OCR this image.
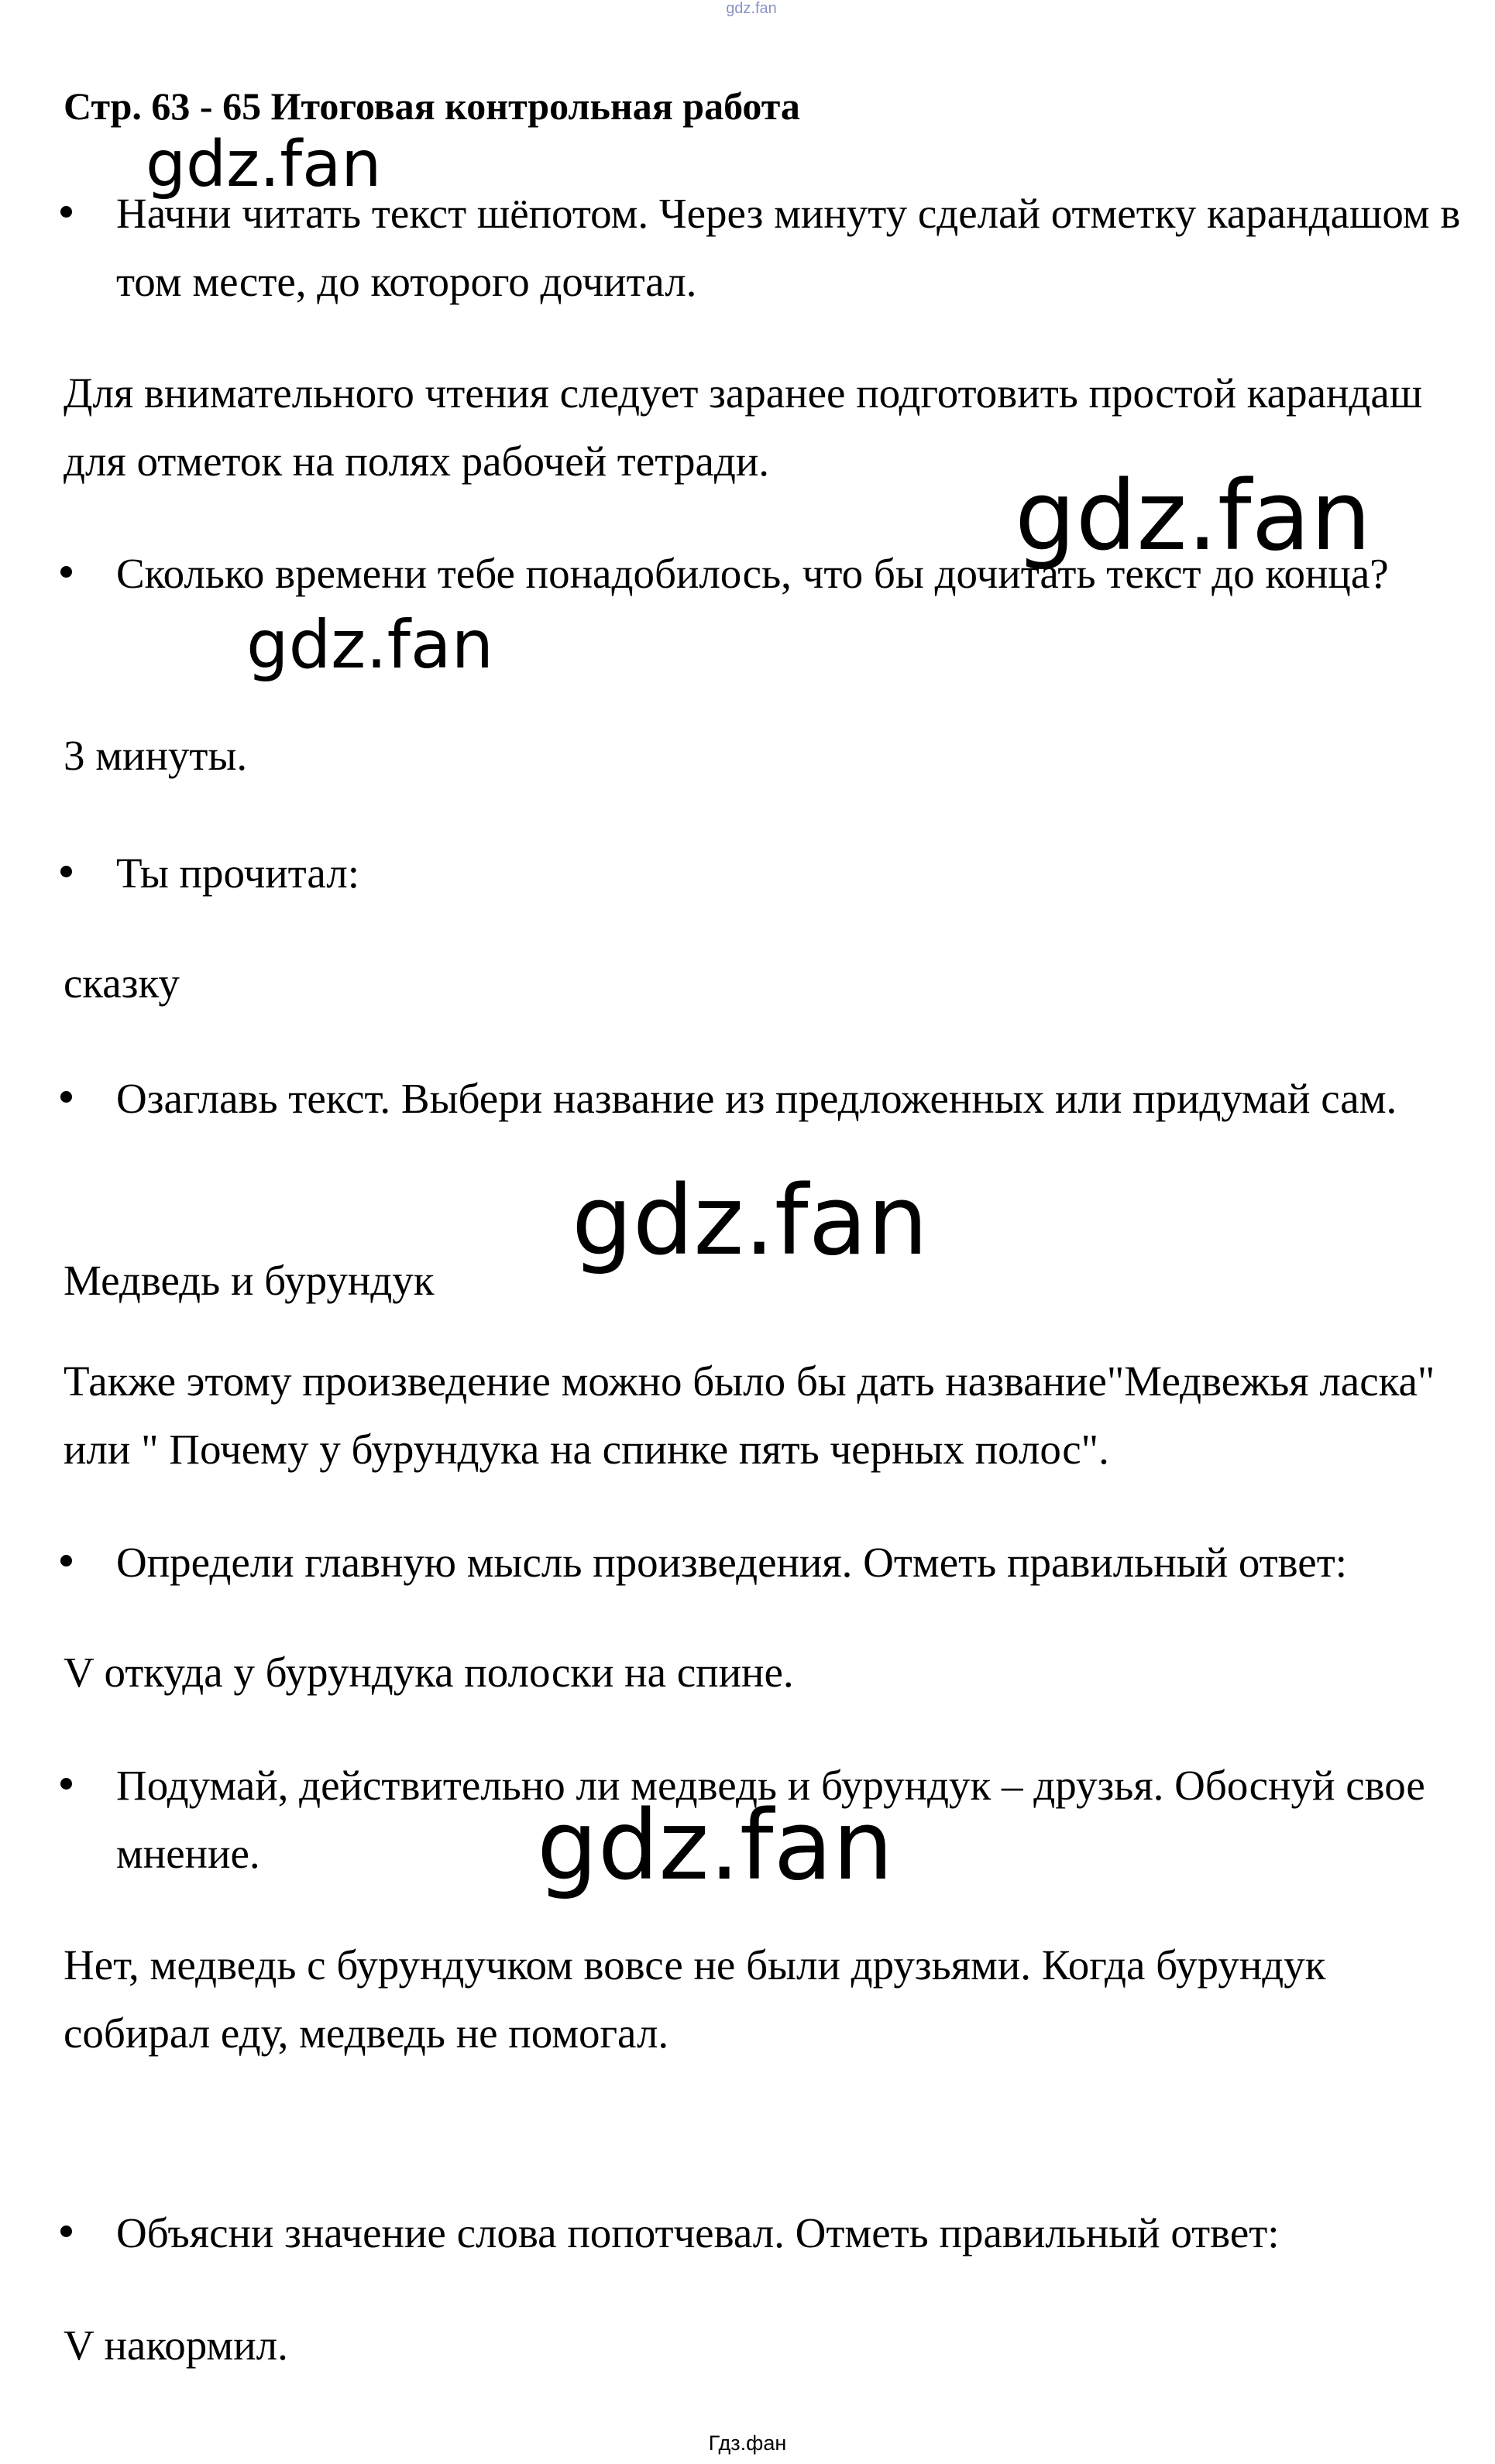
gdz.fan
Стр. 63 - 65 Итоговая контрольная работа

Начни читать текст шёпотом. Через минуту сделай отметку карандашом в том месте, до которого дочитал.

Для внимательного чтения следует заранее подготовить простой карандаш для отметок на полях рабочей тетради.

Сколько времени тебе понадобилось, что бы дочитать текст до конца?

3 минуты.

Ты прочитал:

сказку

Озаглавь текст. Выбери название из предложенных или придумай сам.

Медведь и бурундук

Также этому произведение можно было бы дать название"Медвежья ласка" или " Почему у бурундука на спинке пять черных полос".

Определи главную мысль произведения. Отметь правильный ответ:

V откуда у бурундука полоски на спине.

Подумай, действительно ли медведь и бурундук – друзья. Обоснуй свое мнение.

Нет, медведь с бурундучком вовсе не были друзьями. Когда бурундук собирал еду, медведь не помогал.

Объясни значение слова попотчевал. Отметь правильный ответ:

V накормил.

gdz.fan
gdz.fan
gdz.fan
gdz.fan
gdz.fan
Гдз.фан
